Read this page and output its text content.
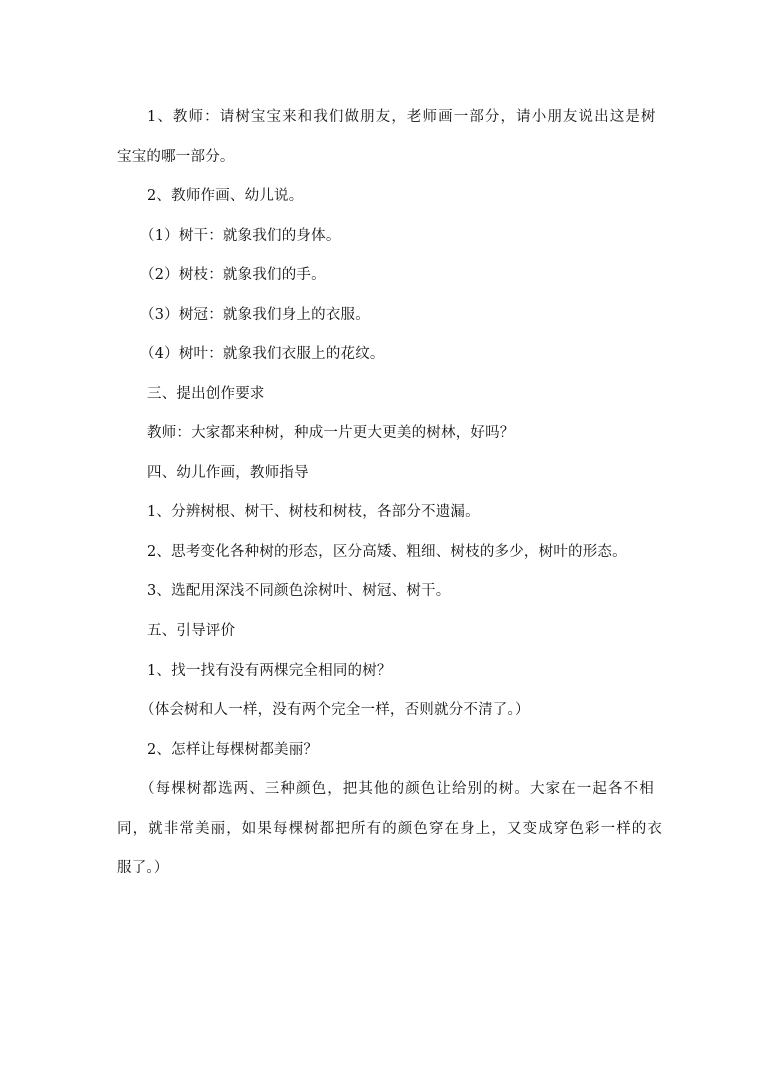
1、教师：请树宝宝来和我们做朋友，老师画一部分，请小朋友说出这是树
宝宝的哪一部分。
2、教师作画、幼儿说。
（1）树干：就象我们的身体。
（2）树枝：就象我们的手。
（3）树冠：就象我们身上的衣服。
（4）树叶：就象我们衣服上的花纹。
三、提出创作要求
教师：大家都来种树，种成一片更大更美的树林，好吗？
四、幼儿作画，教师指导
1、分辨树根、树干、树枝和树枝，各部分不遗漏。
2、思考变化各种树的形态，区分高矮、粗细、树枝的多少，树叶的形态。
3、选配用深浅不同颜色涂树叶、树冠、树干。
五、引导评价
1、找一找有没有两棵完全相同的树？
（体会树和人一样，没有两个完全一样，否则就分不清了。）
2、怎样让每棵树都美丽？
（每棵树都选两、三种颜色，把其他的颜色让给别的树。大家在一起各不相
同，就非常美丽，如果每棵树都把所有的颜色穿在身上，又变成穿色彩一样的衣
服了。）
